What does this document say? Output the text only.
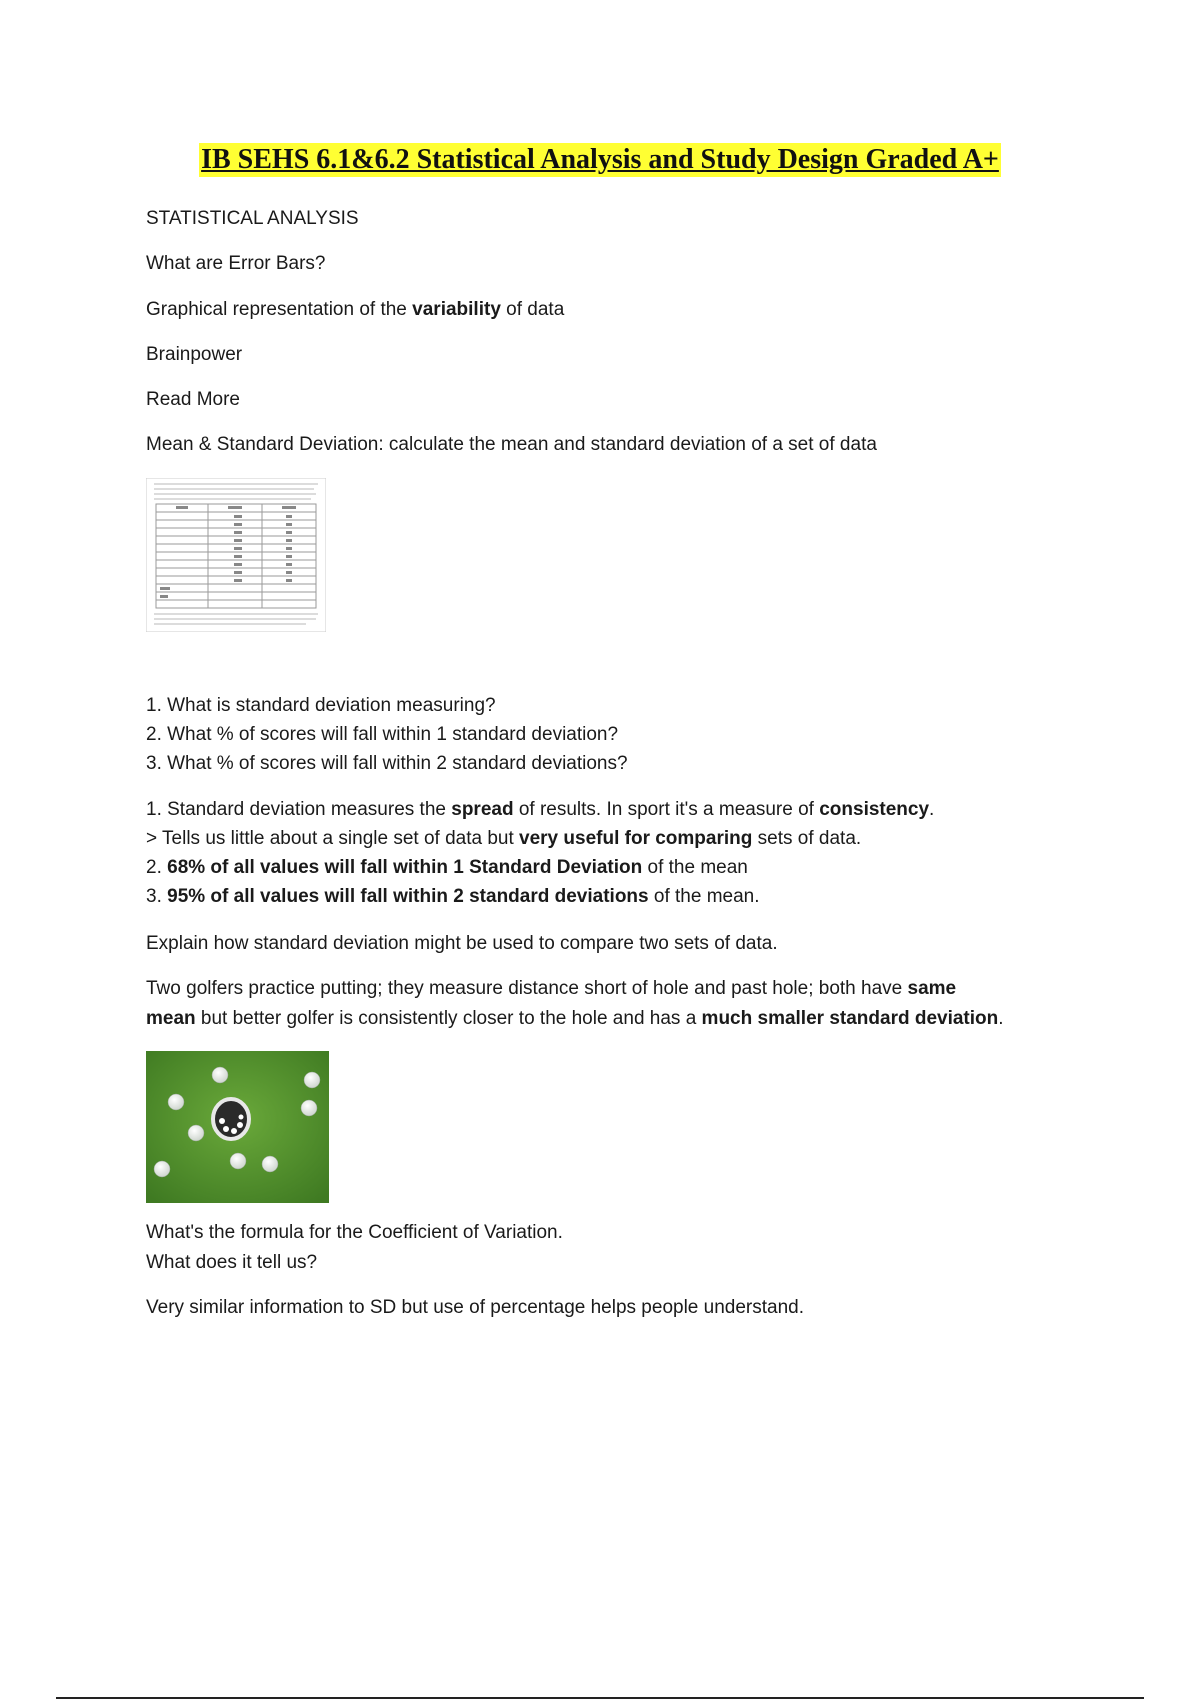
IB SEHS 6.1&6.2 Statistical Analysis and Study Design Graded A+
STATISTICAL ANALYSIS
What are Error Bars?
Graphical representation of the variability of data
Brainpower
Read More
Mean & Standard Deviation: calculate the mean and standard deviation of a set of data
1. What is standard deviation measuring?
2. What % of scores will fall within 1 standard deviation?
3. What % of scores will fall within 2 standard deviations?
1. Standard deviation measures the spread of results. In sport it's a measure of consistency.
> Tells us little about a single set of data but very useful for comparing sets of data.
2. 68% of all values will fall within 1 Standard Deviation of the mean
3. 95% of all values will fall within 2 standard deviations of the mean.
Explain how standard deviation might be used to compare two sets of data.
Two golfers practice putting; they measure distance short of hole and past hole; both have same
mean but better golfer is consistently closer to the hole and has a much smaller standard deviation.
What's the formula for the Coefficient of Variation.
What does it tell us?
Very similar information to SD but use of percentage helps people understand.
